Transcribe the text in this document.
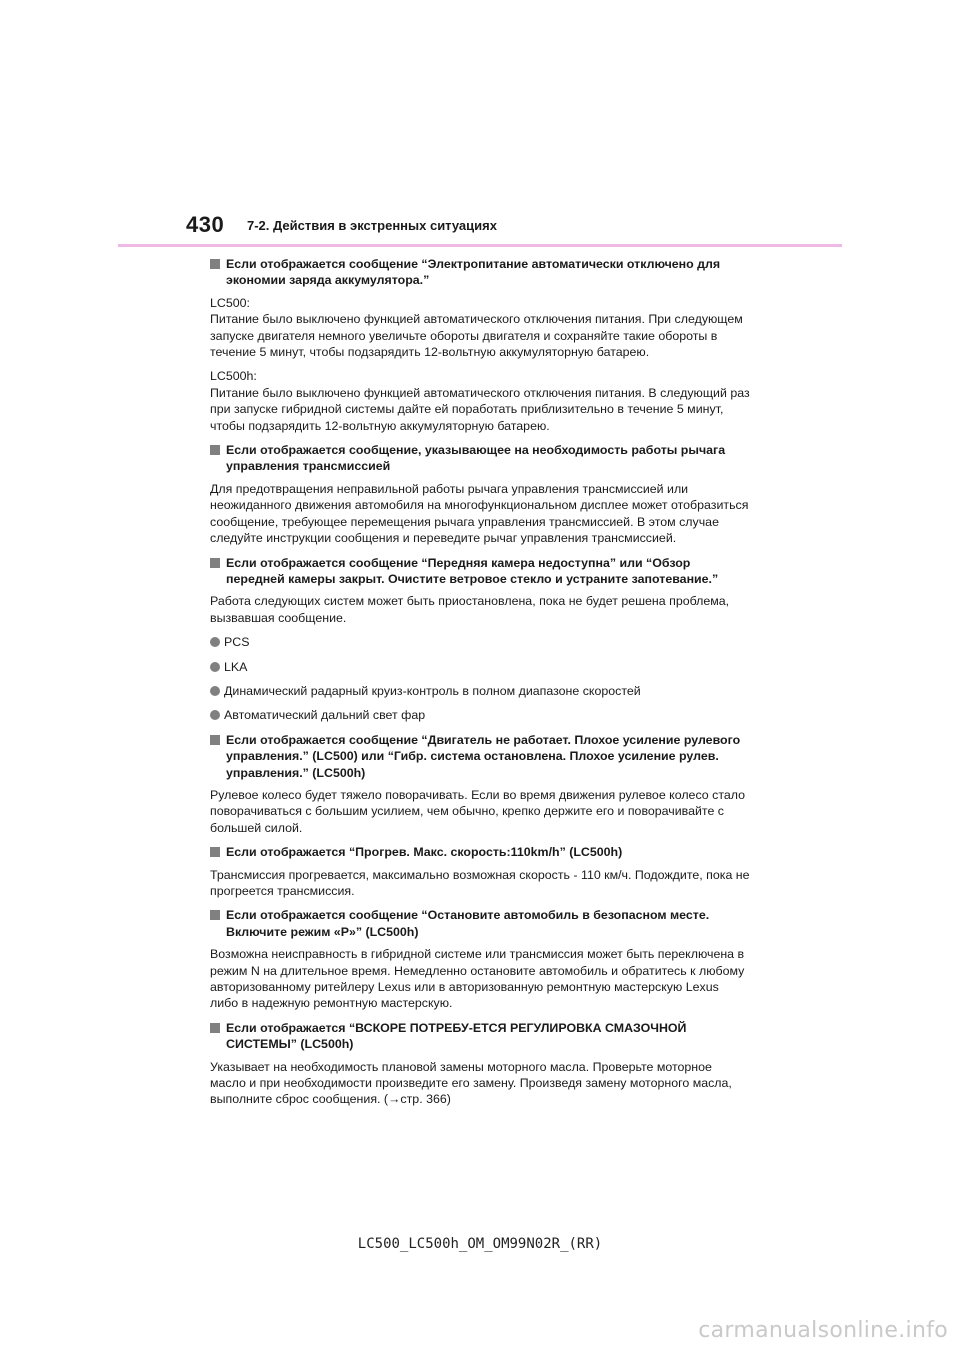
430 7-2. Действия в экстренных ситуациях
Если отображается сообщение “Электропитание автоматически отключено для экономии заряда аккумулятора.”
LC500:
Питание было выключено функцией автоматического отключения питания. При следующем запуске двигателя немного увеличьте обороты двигателя и сохраняйте такие обороты в течение 5 минут, чтобы подзарядить 12-вольтную аккумуляторную батарею.
LC500h:
Питание было выключено функцией автоматического отключения питания. В следующий раз при запуске гибридной системы дайте ей поработать приблизительно в течение 5 минут, чтобы подзарядить 12-вольтную аккумуляторную батарею.
Если отображается сообщение, указывающее на необходимость работы рычага управления трансмиссией
Для предотвращения неправильной работы рычага управления трансмиссией или неожиданного движения автомобиля на многофункциональном дисплее может отобразиться сообщение, требующее перемещения рычага управления трансмиссией. В этом случае следуйте инструкции сообщения и переведите рычаг управления трансмиссией.
Если отображается сообщение “Передняя камера недоступна” или “Обзор передней камеры закрыт. Очистите ветровое стекло и устраните запотевание.”
Работа следующих систем может быть приостановлена, пока не будет решена проблема, вызвавшая сообщение.
PCS
LKA
Динамический радарный круиз-контроль в полном диапазоне скоростей
Автоматический дальний свет фар
Если отображается сообщение “Двигатель не работает. Плохое усиление рулевого управления.” (LC500) или “Гибр. система остановлена. Плохое усиление рулев. управления.” (LC500h)
Рулевое колесо будет тяжело поворачивать. Если во время движения рулевое колесо стало поворачиваться с большим усилием, чем обычно, крепко держите его и поворачивайте с большей силой.
Если отображается “Прогрев. Макс. скорость:110km/h” (LC500h)
Трансмиссия прогревается, максимально возможная скорость - 110 км/ч. Подождите, пока не прогреется трансмиссия.
Если отображается сообщение “Остановите автомобиль в безопасном месте. Включите режим «P»” (LC500h)
Возможна неисправность в гибридной системе или трансмиссия может быть переключена в режим N на длительное время. Немедленно остановите автомобиль и обратитесь к любому авторизованному ритейлеру Lexus или в авторизованную ремонтную мастерскую Lexus либо в надежную ремонтную мастерскую.
Если отображается “ВСКОРЕ ПОТРЕБУ-ЕТСЯ РЕГУЛИРОВКА СМАЗОЧНОЙ СИСТЕМЫ” (LC500h)
Указывает на необходимость плановой замены моторного масла. Проверьте моторное масло и при необходимости произведите его замену. Произведя замену моторного масла, выполните сброс сообщения. (→стр. 366)
LC500_LC500h_OM_OM99N02R_(RR)
carmanualsonline.info
